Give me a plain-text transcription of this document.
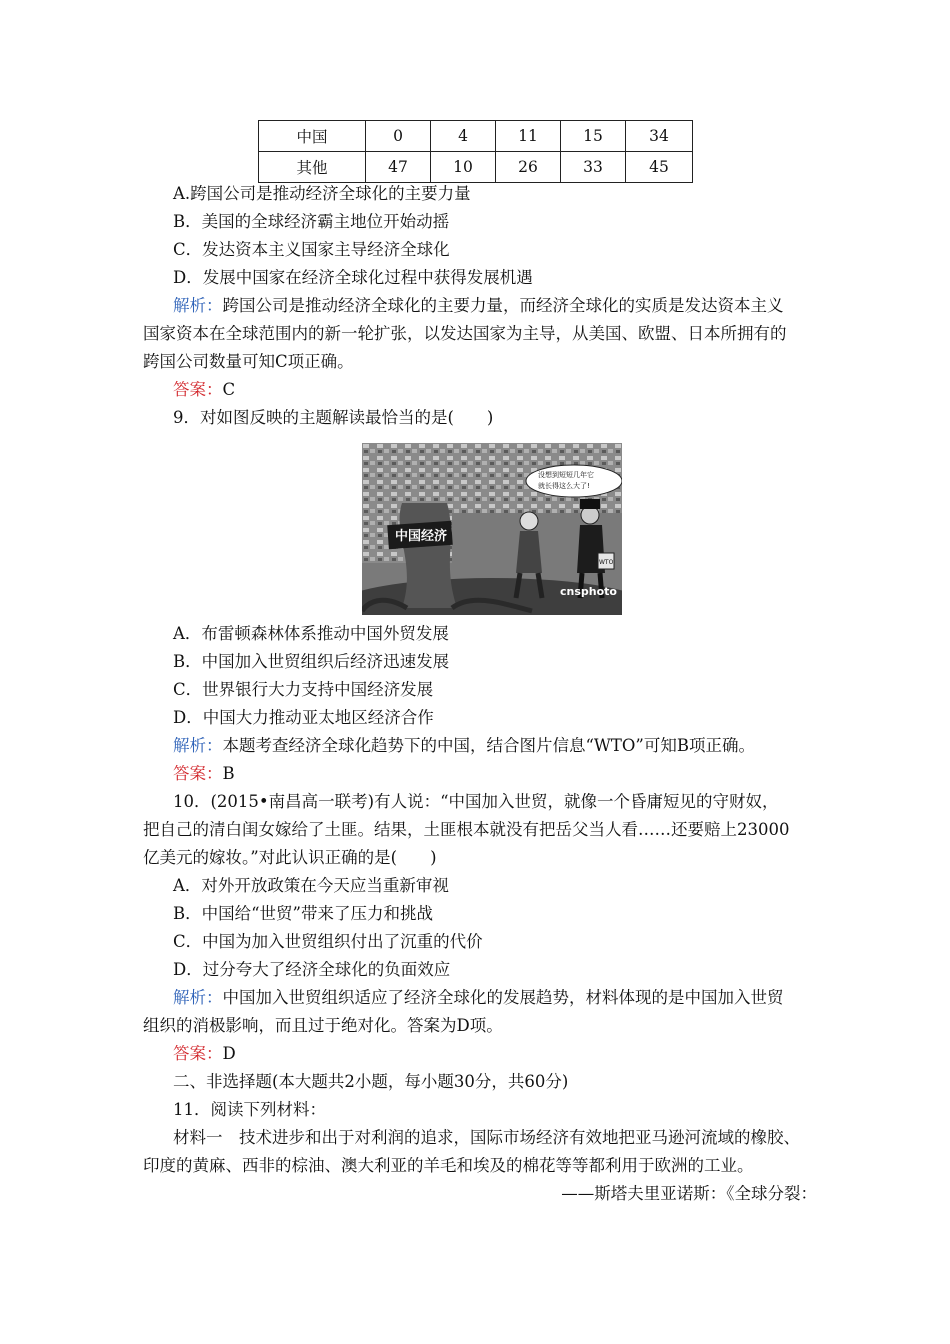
中国	0	4	11	15	34
其他	47	10	26	33	45
A.跨国公司是推动经济全球化的主要力量
B．美国的全球经济霸主地位开始动摇
C．发达资本主义国家主导经济全球化
D．发展中国家在经济全球化过程中获得发展机遇
解析：跨国公司是推动经济全球化的主要力量，而经济全球化的实质是发达资本主义
国家资本在全球范围内的新一轮扩张，以发达国家为主导，从美国、欧盟、日本所拥有的
跨国公司数量可知C项正确。
答案：C
9．对如图反映的主题解读最恰当的是(　　)
中国经济
没想到短短几年它
就长得这么大了!
WTO
cnsphoto
A．布雷顿森林体系推动中国外贸发展
B．中国加入世贸组织后经济迅速发展
C．世界银行大力支持中国经济发展
D．中国大力推动亚太地区经济合作
解析：本题考查经济全球化趋势下的中国，结合图片信息“WTO”可知B项正确。
答案：B
10．(2015•南昌高一联考)有人说：“中国加入世贸，就像一个昏庸短见的守财奴，
把自己的清白闺女嫁给了土匪。结果，土匪根本就没有把岳父当人看……还要赔上23000
亿美元的嫁妆。”对此认识正确的是(　　)
A．对外开放政策在今天应当重新审视
B．中国给“世贸”带来了压力和挑战
C．中国为加入世贸组织付出了沉重的代价
D．过分夸大了经济全球化的负面效应
解析：中国加入世贸组织适应了经济全球化的发展趋势，材料体现的是中国加入世贸
组织的消极影响，而且过于绝对化。答案为D项。
答案：D
二、非选择题(本大题共2小题，每小题30分，共60分)
11．阅读下列材料：
材料一　技术进步和出于对利润的追求，国际市场经济有效地把亚马逊河流域的橡胶、
印度的黄麻、西非的棕油、澳大利亚的羊毛和埃及的棉花等等都利用于欧洲的工业。
——斯塔夫里亚诺斯：《全球分裂：
